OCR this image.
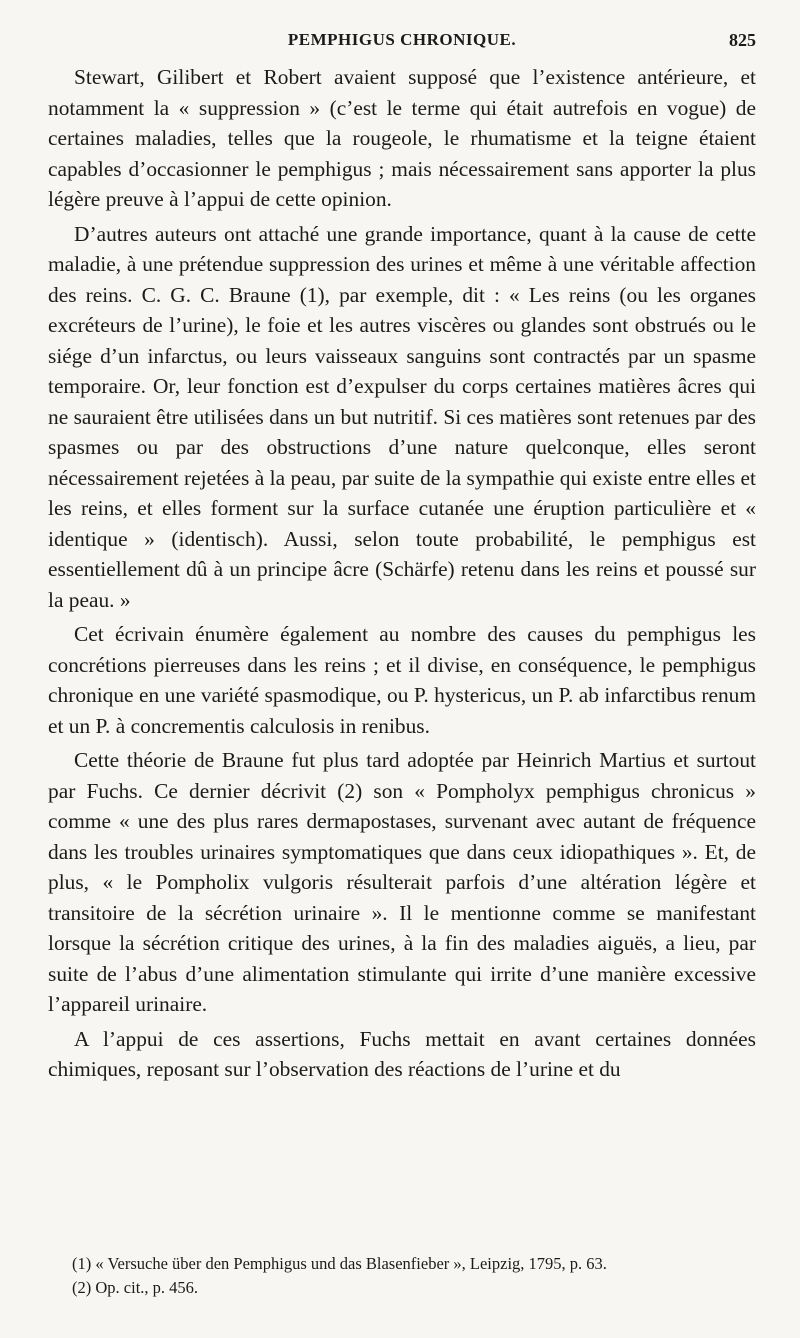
PEMPHIGUS CHRONIQUE.	825

Stewart, Gilibert et Robert avaient supposé que l’existence antérieure, et notamment la « suppression » (c’est le terme qui était autrefois en vogue) de certaines maladies, telles que la rougeole, le rhumatisme et la teigne étaient capables d’occasionner le pemphigus ; mais nécessairement sans apporter la plus légère preuve à l’appui de cette opinion.

D’autres auteurs ont attaché une grande importance, quant à la cause de cette maladie, à une prétendue suppression des urines et même à une véritable affection des reins. C. G. C. Braune (1), par exemple, dit : « Les reins (ou les organes excréteurs de l’urine), le foie et les autres viscères ou glandes sont obstrués ou le siége d’un infarctus, ou leurs vaisseaux sanguins sont contractés par un spasme temporaire. Or, leur fonction est d’expulser du corps certaines matières âcres qui ne sauraient être utilisées dans un but nutritif. Si ces matières sont retenues par des spasmes ou par des obstructions d’une nature quelconque, elles seront nécessairement rejetées à la peau, par suite de la sympathie qui existe entre elles et les reins, et elles forment sur la surface cutanée une éruption particulière et « identique » (identisch). Aussi, selon toute probabilité, le pemphigus est essentiellement dû à un principe âcre (Schärfe) retenu dans les reins et poussé sur la peau. »

Cet écrivain énumère également au nombre des causes du pemphigus les concrétions pierreuses dans les reins ; et il divise, en conséquence, le pemphigus chronique en une variété spasmodique, ou P. hystericus, un P. ab infarctibus renum et un P. à concrementis calculosis in renibus.

Cette théorie de Braune fut plus tard adoptée par Heinrich Martius et surtout par Fuchs. Ce dernier décrivit (2) son « Pompholyx pemphigus chronicus » comme « une des plus rares dermapostases, survenant avec autant de fréquence dans les troubles urinaires symptomatiques que dans ceux idiopathiques ». Et, de plus, « le Pompholix vulgoris résulterait parfois d’une altération légère et transitoire de la sécrétion urinaire ». Il le mentionne comme se manifestant lorsque la sécrétion critique des urines, à la fin des maladies aiguës, a lieu, par suite de l’abus d’une alimentation stimulante qui irrite d’une manière excessive l’appareil urinaire.

A l’appui de ces assertions, Fuchs mettait en avant certaines données chimiques, reposant sur l’observation des réactions de l’urine et du

(1) « Versuche über den Pemphigus und das Blasenfieber », Leipzig, 1795, p. 63.
(2) Op. cit., p. 456.
